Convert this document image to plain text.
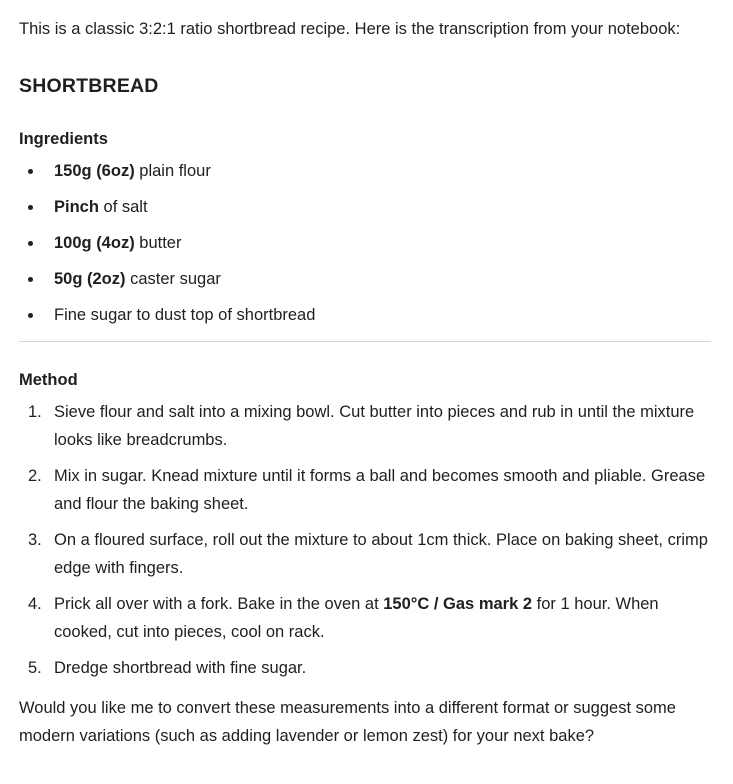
This is a classic 3:2:1 ratio shortbread recipe. Here is the transcription from your notebook:

SHORTBREAD
Ingredients
150g (6oz) plain flour
Pinch of salt
100g (4oz) butter
50g (2oz) caster sugar
Fine sugar to dust top of shortbread
Method
1. Sieve flour and salt into a mixing bowl. Cut butter into pieces and rub in until the mixture looks like breadcrumbs.
2. Mix in sugar. Knead mixture until it forms a ball and becomes smooth and pliable. Grease and flour the baking sheet.
3. On a floured surface, roll out the mixture to about 1cm thick. Place on baking sheet, crimp edge with fingers.
4. Prick all over with a fork. Bake in the oven at 150°C / Gas mark 2 for 1 hour. When cooked, cut into pieces, cool on rack.
5. Dredge shortbread with fine sugar.

Would you like me to convert these measurements into a different format or suggest some modern variations (such as adding lavender or lemon zest) for your next bake?
